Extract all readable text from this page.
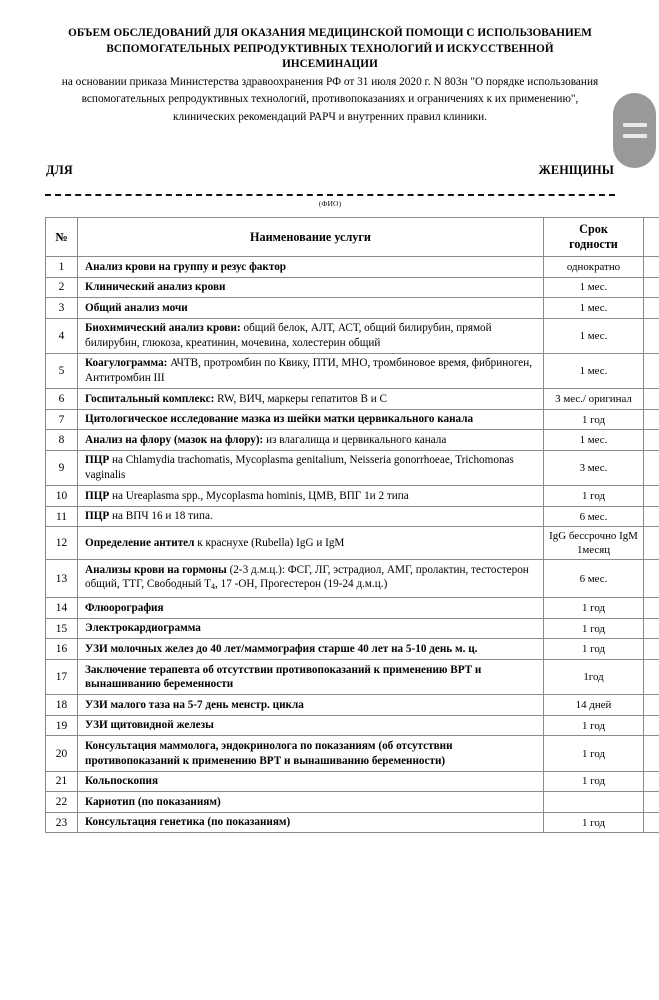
ОБЪЕМ ОБСЛЕДОВАНИЙ ДЛЯ ОКАЗАНИЯ МЕДИЦИНСКОЙ ПОМОЩИ С ИСПОЛЬЗОВАНИЕМ
ВСПОМОГАТЕЛЬНЫХ РЕПРОДУКТИВНЫХ ТЕХНОЛОГИЙ И ИСКУССТВЕННОЙ
ИНСЕМИНАЦИИ
на основании приказа Министерства здравоохранения РФ от 31 июля 2020 г. N 803н "О порядке использования вспомогательных репродуктивных технологий, противопоказаниях и ограничениях к их применению", клинических рекомендаций РАРЧ и внутренних правил клиники.
ДЛЯ	ЖЕНЩИНЫ
(ФИО)
№	Наименование услуги	Срок
годности	

1	Анализ крови на группу и резус фактор	однократно	
2	Клинический анализ крови	1 мес.	
3	Общий анализ мочи	1 мес.	
4	Биохимический анализ крови: общий белок, АЛТ, АСТ, общий билирубин, прямой билирубин, глюкоза, креатинин, мочевина, холестерин общий	1 мес.	
5	Коагулограмма: АЧТВ, протромбин по Квику, ПТИ, МНО, тромбиновое время, фибриноген, Антитромбин III	1 мес.	
6	Госпитальный комплекс: RW, ВИЧ, маркеры гепатитов В и С	3 мес./ оригинал	
7	Цитологическое исследование мазка из шейки матки цервикального канала	1 год	
8	Анализ на флору (мазок на флору): из влагалища и цервикального канала	1 мес.	
9	ПЦР на Chlamydia trachomatis, Mycoplasma genitalium, Neisseria gonorrhoeae, Trichomonas vaginalis	3 мес.	
10	ПЦР на Ureaplasma spp., Mycoplasma hominis, ЦМВ, ВПГ 1и 2 типа	1 год	
11	ПЦР на ВПЧ 16 и 18 типа.	6 мес.	
12	Определение антител к краснухе (Rubella) IgG и IgM	IgG бессрочно IgM 1месяц	
13	Анализы крови на гормоны (2-3 д.м.ц.): ФСГ, ЛГ, эстрадиол, АМГ, пролактин, тестостерон общий, ТТГ, Свободный $Т_4$, 17 -ОН, Прогестерон (19-24 д.м.ц.)	6 мес.	
14	Флюорография	1 год	
15	Электрокардиограмма	1 год	
16	УЗИ молочных желез до 40 лет/маммография старше 40 лет на 5-10 день м. ц.	1 год	
17	Заключение терапевта об отсутствии противопоказаний к применению ВРТ и вынашиванию беременности	1год	
18	УЗИ малого таза на 5-7 день менстр. цикла	14 дней	
19	УЗИ щитовидной железы	1 год	
20	Консультация маммолога, эндокринолога по показаниям (об отсутствии противопоказаний к применению ВРТ и вынашиванию беременности)	1 год	
21	Кольпоскопия	1 год	
22	Кариотип (по показаниям)		
23	Консультация генетика (по показаниям)	1 год	
